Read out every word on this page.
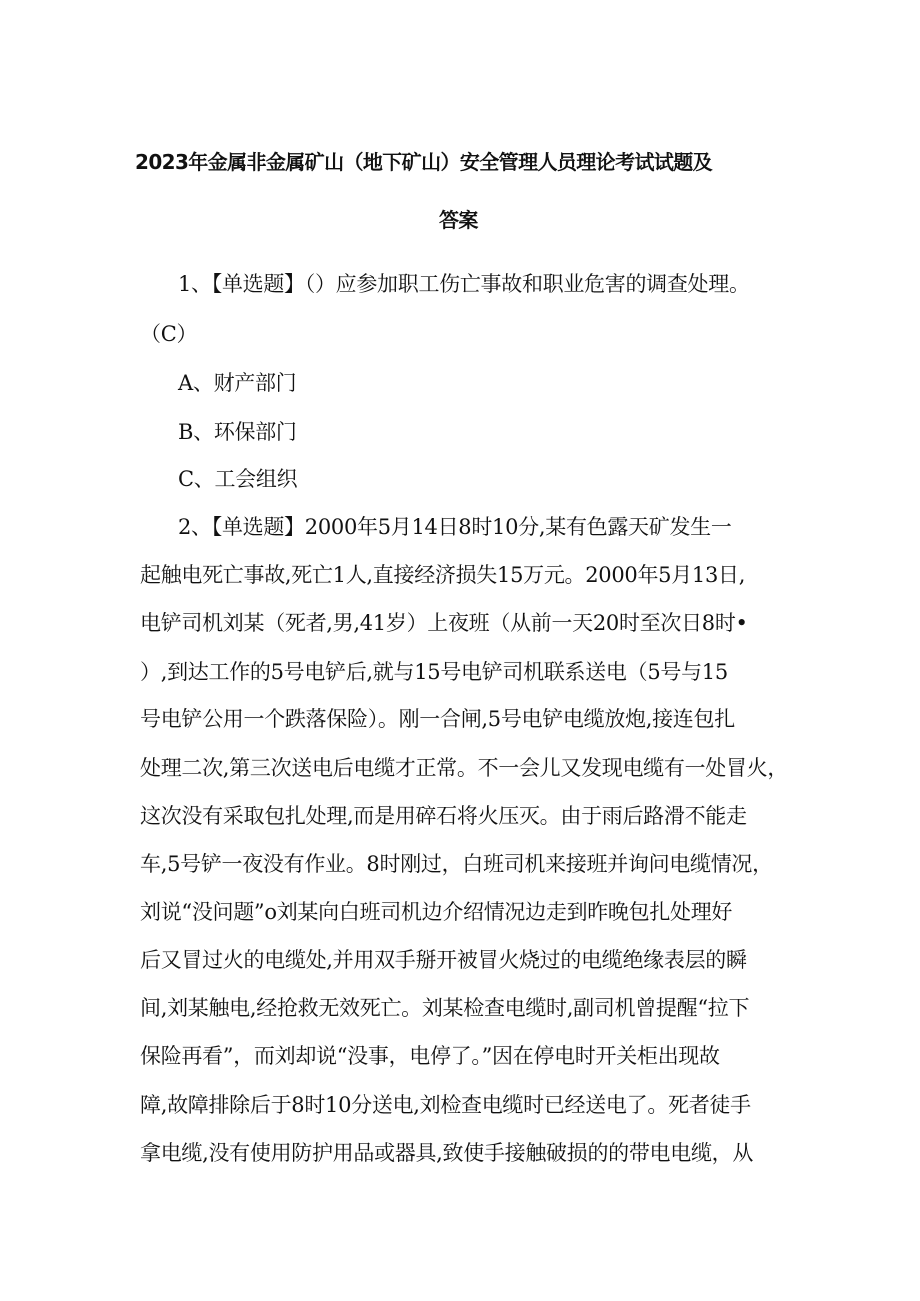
2023年金属非金属矿山（地下矿山）安全管理人员理论考试试题及
答案
1、【单选题】（）应参加职工伤亡事故和职业危害的调查处理。
（C）
A、财产部门
B、环保部门
C、工会组织
2、【单选题】2000年5月14日8时10分,某有色露天矿发生一
起触电死亡事故,死亡1人,直接经济损失15万元。2000年5月13日,
电铲司机刘某（死者,男,41岁）上夜班（从前一天20时至次日8时•
）,到达工作的5号电铲后,就与15号电铲司机联系送电（5号与15
号电铲公用一个跌落保险）。刚一合闸,5号电铲电缆放炮,接连包扎
处理二次,第三次送电后电缆才正常。不一会儿又发现电缆有一处冒火，
这次没有采取包扎处理,而是用碎石将火压灭。由于雨后路滑不能走
车,5号铲一夜没有作业。8时刚过，白班司机来接班并询问电缆情况，
刘说“没问题”o刘某向白班司机边介绍情况边走到昨晚包扎处理好
后又冒过火的电缆处,并用双手掰开被冒火烧过的电缆绝缘表层的瞬
间,刘某触电,经抢救无效死亡。刘某检查电缆时,副司机曾提醒“拉下
保险再看”，而刘却说“没事，电停了。”因在停电时开关柜出现故
障,故障排除后于8时10分送电,刘检查电缆时已经送电了。死者徒手
拿电缆,没有使用防护用品或器具,致使手接触破损的的带电电缆，从
